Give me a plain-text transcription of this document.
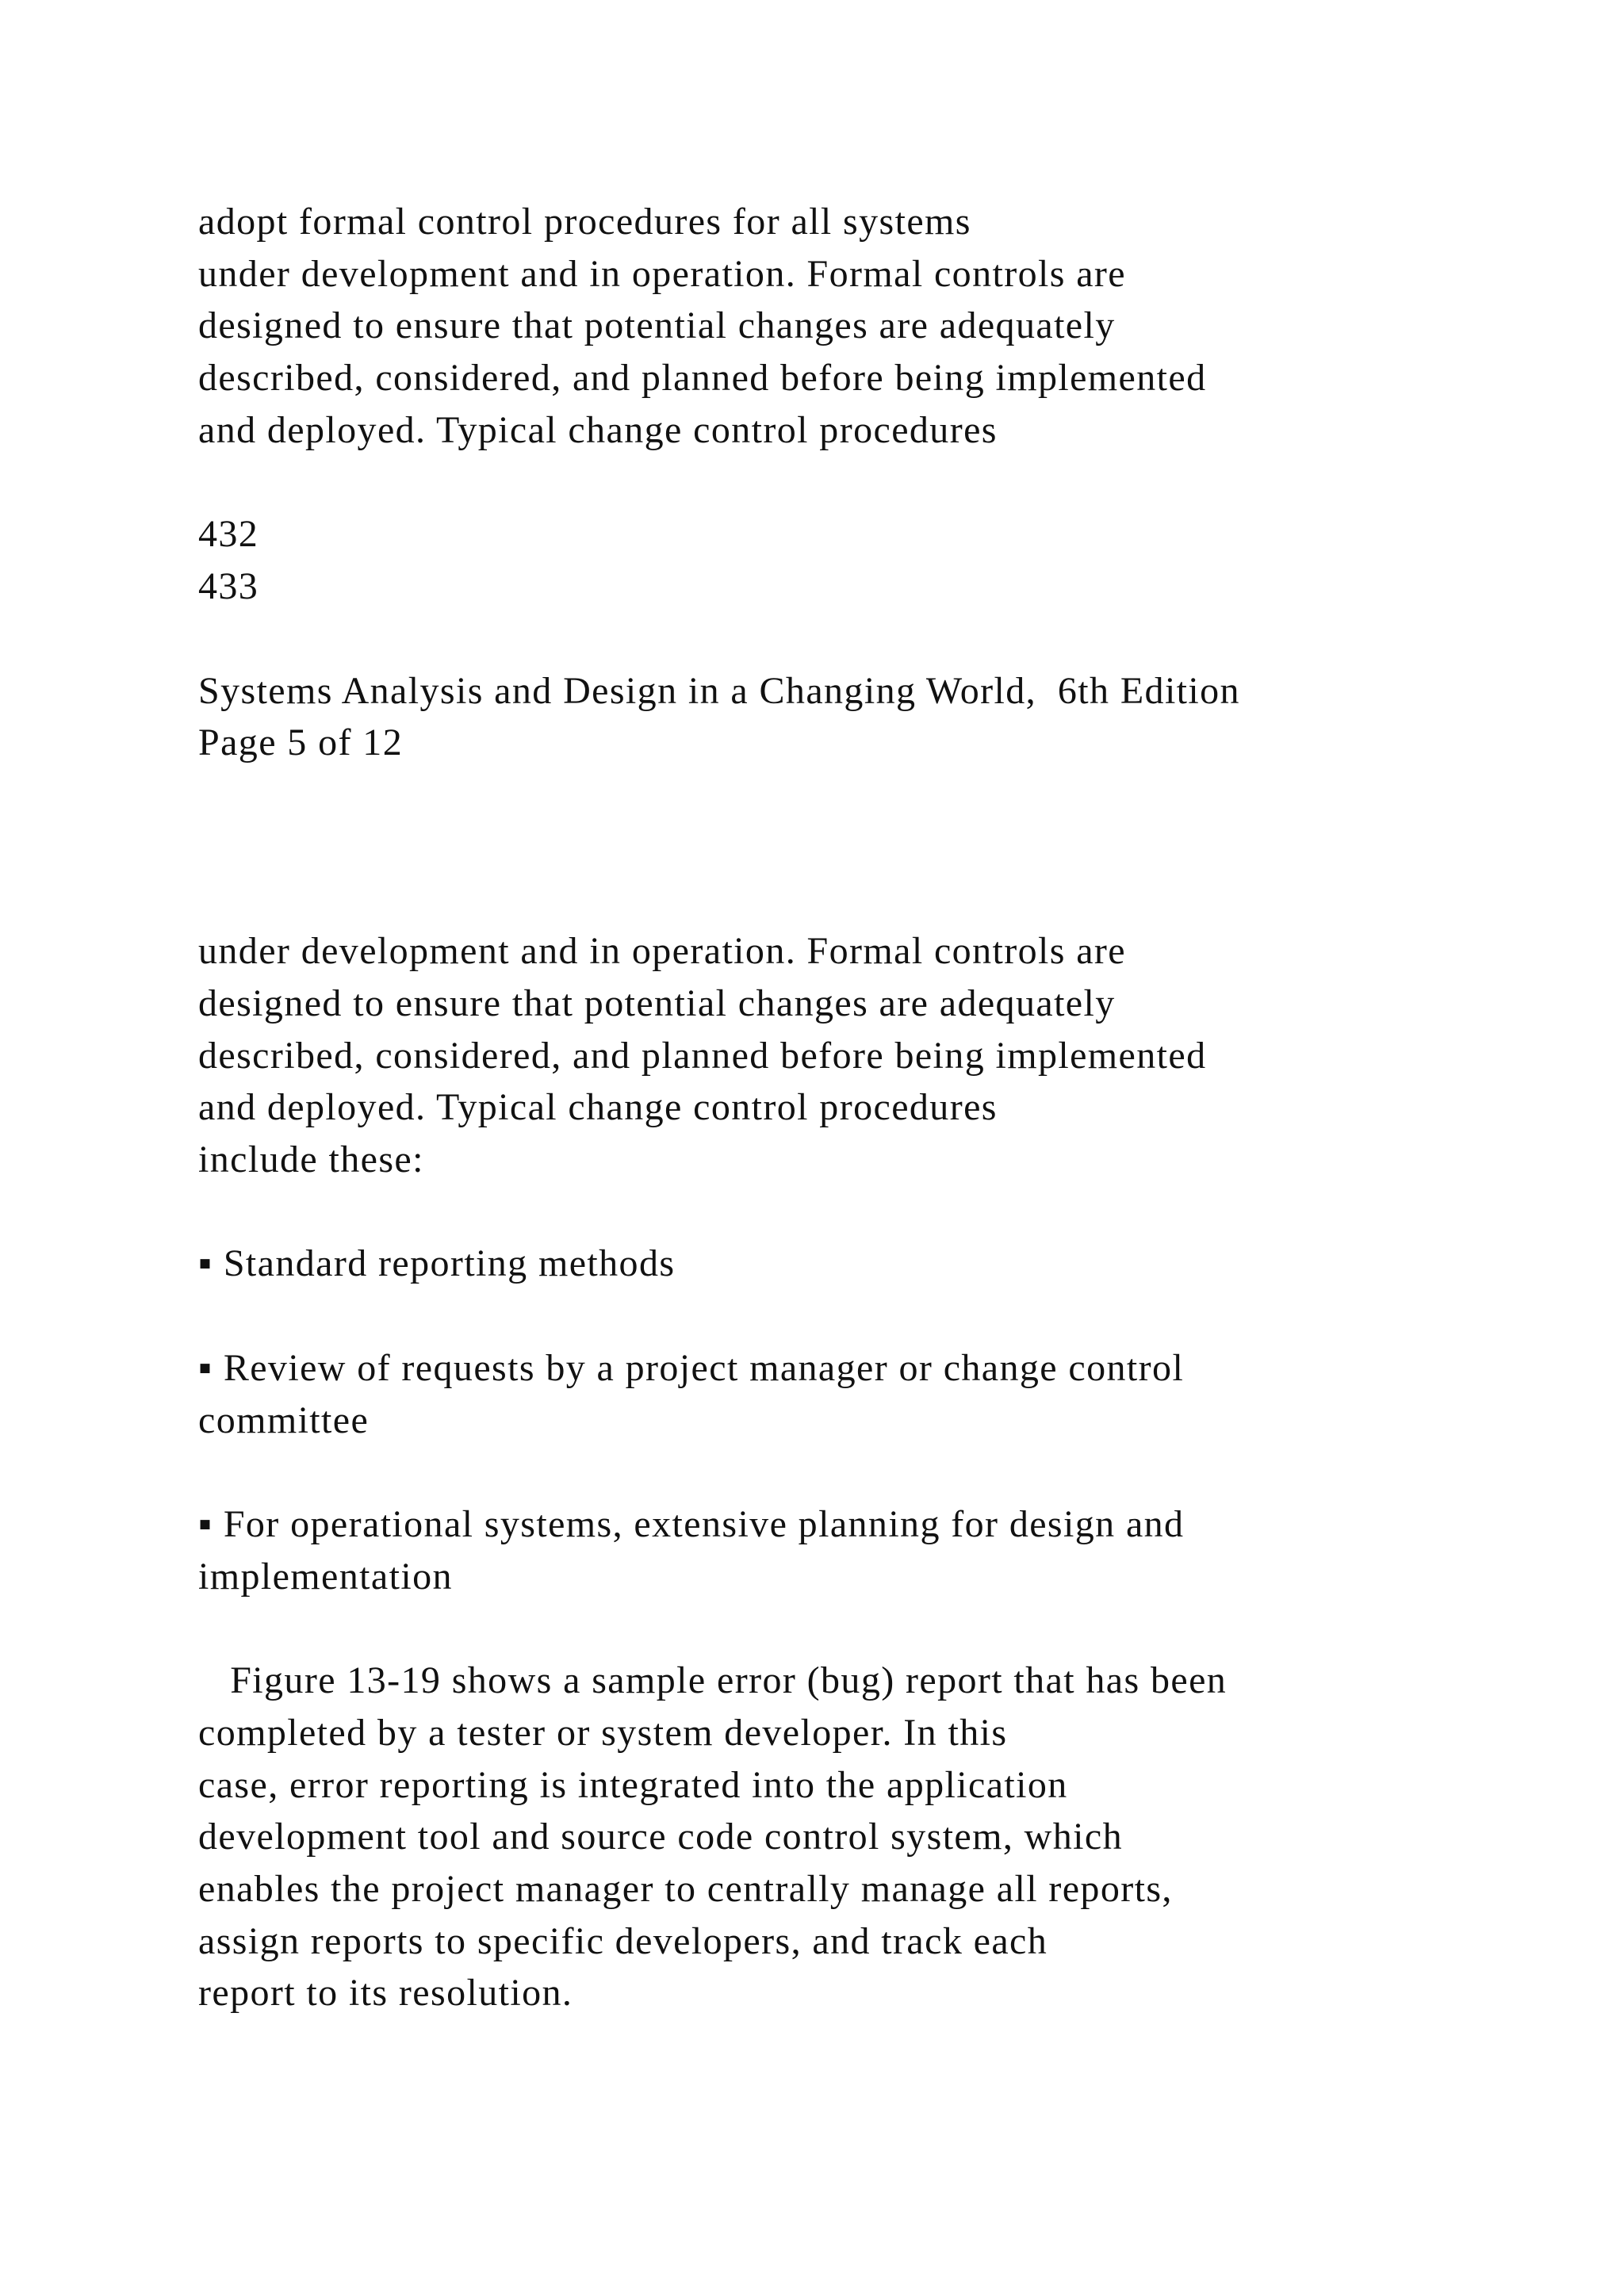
adopt formal control procedures for all systems
under development and in operation. Formal controls are
designed to ensure that potential changes are adequately
described, considered, and planned before being implemented
and deployed. Typical change control procedures
432
433
Systems Analysis and Design in a Changing World,  6th Edition
Page 5 of 12
under development and in operation. Formal controls are
designed to ensure that potential changes are adequately
described, considered, and planned before being implemented
and deployed. Typical change control procedures
include these:
▪ Standard reporting methods
▪ Review of requests by a project manager or change control
committee
▪ For operational systems, extensive planning for design and
implementation
Figure 13-19 shows a sample error (bug) report that has been
completed by a tester or system developer. In this
case, error reporting is integrated into the application
development tool and source code control system, which
enables the project manager to centrally manage all reports,
assign reports to specific developers, and track each
report to its resolution.
